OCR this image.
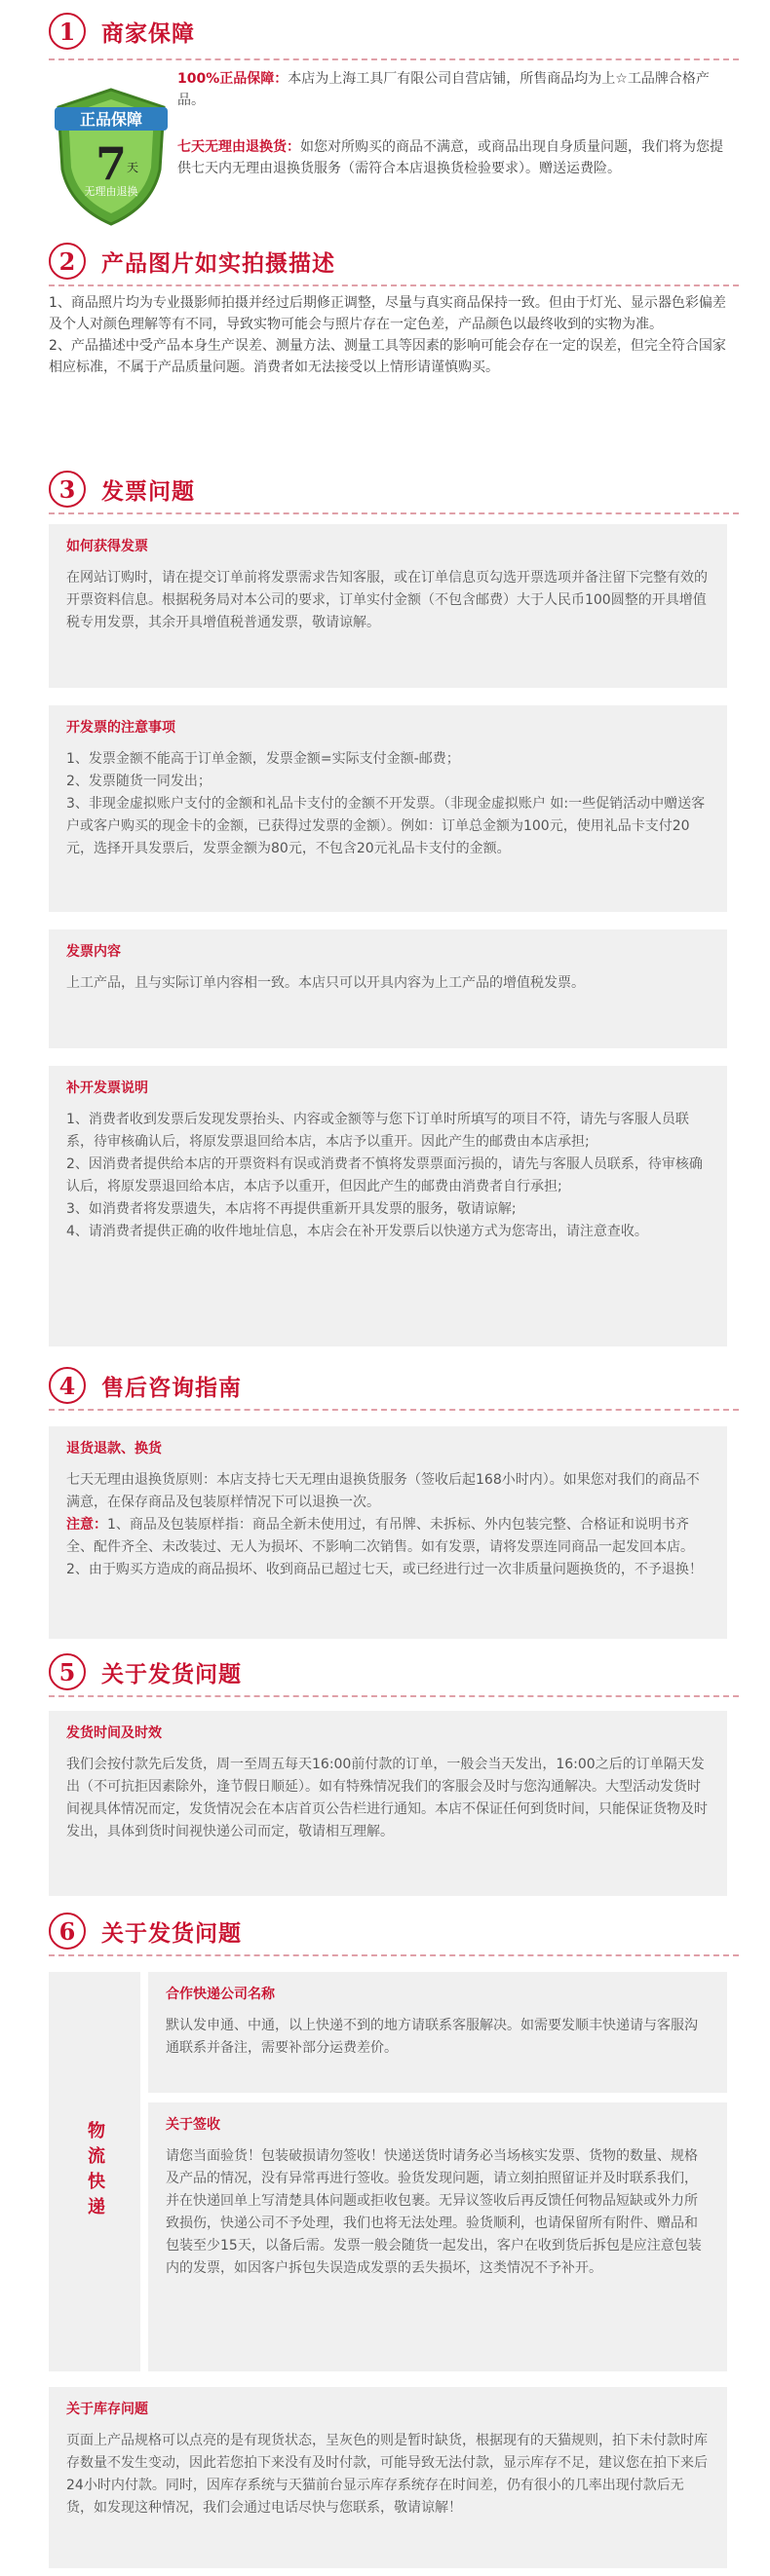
1	商家保障
正品保障
7 天
无理由退换
100%正品保障：本店为上海工具厂有限公司自营店铺，所售商品均为上☆工品牌合格产品。
七天无理由退换货：如您对所购买的商品不满意，或商品出现自身质量问题，我们将为您提供七天内无理由退换货服务（需符合本店退换货检验要求）。赠送运费险。
2	产品图片如实拍摄描述
1、商品照片均为专业摄影师拍摄并经过后期修正调整，尽量与真实商品保持一致。但由于灯光、显示器色彩偏差及个人对颜色理解等有不同，导致实物可能会与照片存在一定色差，产品颜色以最终收到的实物为准。
2、产品描述中受产品本身生产误差、测量方法、测量工具等因素的影响可能会存在一定的误差，但完全符合国家相应标准，不属于产品质量问题。消费者如无法接受以上情形请谨慎购买。
3	发票问题
如何获得发票
在网站订购时，请在提交订单前将发票需求告知客服，或在订单信息页勾选开票选项并备注留下完整有效的开票资料信息。根据税务局对本公司的要求，订单实付金额（不包含邮费）大于人民币100圆整的开具增值税专用发票，其余开具增值税普通发票，敬请谅解。
开发票的注意事项
1、发票金额不能高于订单金额，发票金额=实际支付金额-邮费；
2、发票随货一同发出；
3、非现金虚拟账户支付的金额和礼品卡支付的金额不开发票。（非现金虚拟账户 如:一些促销活动中赠送客户或客户购买的现金卡的金额，已获得过发票的金额）。例如：订单总金额为100元，使用礼品卡支付20元，选择开具发票后，发票金额为80元，不包含20元礼品卡支付的金额。
发票内容
上工产品，且与实际订单内容相一致。本店只可以开具内容为上工产品的增值税发票。
补开发票说明
1、消费者收到发票后发现发票抬头、内容或金额等与您下订单时所填写的项目不符，请先与客服人员联系，待审核确认后，将原发票退回给本店，本店予以重开。因此产生的邮费由本店承担;
2、因消费者提供给本店的开票资料有误或消费者不慎将发票票面污损的，请先与客服人员联系，待审核确认后，将原发票退回给本店，本店予以重开，但因此产生的邮费由消费者自行承担;
3、如消费者将发票遗失，本店将不再提供重新开具发票的服务，敬请谅解;
4、请消费者提供正确的收件地址信息，本店会在补开发票后以快递方式为您寄出，请注意查收。
4	售后咨询指南
退货退款、换货
七天无理由退换货原则：本店支持七天无理由退换货服务（签收后起168小时内）。如果您对我们的商品不满意，在保存商品及包装原样情况下可以退换一次。
注意：1、商品及包装原样指：商品全新未使用过，有吊牌、未拆标、外内包装完整、合格证和说明书齐全、配件齐全、未改装过、无人为损坏、不影响二次销售。如有发票，请将发票连同商品一起发回本店。2、由于购买方造成的商品损坏、收到商品已超过七天，或已经进行过一次非质量问题换货的，不予退换！
5	关于发货问题
发货时间及时效
我们会按付款先后发货，周一至周五每天16:00前付款的订单，一般会当天发出，16:00之后的订单隔天发出（不可抗拒因素除外，逢节假日顺延）。如有特殊情况我们的客服会及时与您沟通解决。大型活动发货时间视具体情况而定，发货情况会在本店首页公告栏进行通知。本店不保证任何到货时间，只能保证货物及时发出，具体到货时间视快递公司而定，敬请相互理解。
6	关于发货问题
物流快递
合作快递公司名称
默认发申通、中通，以上快递不到的地方请联系客服解决。如需要发顺丰快递请与客服沟通联系并备注，需要补部分运费差价。
关于签收
请您当面验货！包装破损请勿签收！快递送货时请务必当场核实发票、货物的数量、规格及产品的情况，没有异常再进行签收。验货发现问题，请立刻拍照留证并及时联系我们，并在快递回单上写清楚具体问题或拒收包裹。无异议签收后再反馈任何物品短缺或外力所致损伤，快递公司不予处理，我们也将无法处理。验货顺利，也请保留所有附件、赠品和包装至少15天，以备后需。发票一般会随货一起发出，客户在收到货后拆包是应注意包装内的发票，如因客户拆包失误造成发票的丢失损坏，这类情况不予补开。
关于库存问题
页面上产品规格可以点亮的是有现货状态，呈灰色的则是暂时缺货，根据现有的天猫规则，拍下未付款时库存数量不发生变动，因此若您拍下来没有及时付款，可能导致无法付款，显示库存不足，建议您在拍下来后24小时内付款。同时，因库存系统与天猫前台显示库存系统存在时间差，仍有很小的几率出现付款后无货，如发现这种情况，我们会通过电话尽快与您联系，敬请谅解！
